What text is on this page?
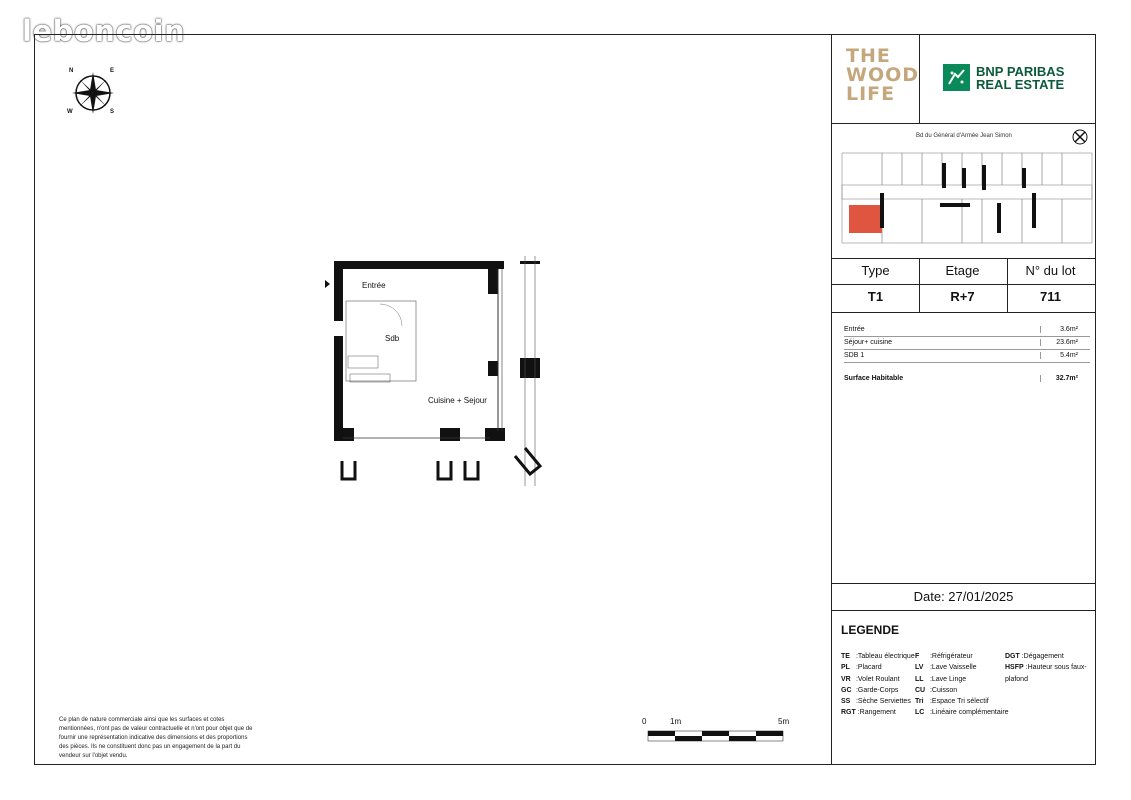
leboncoin
N	E
S
W
Entrée
Sdb
Cuisine + Sejour
0	1m	5m
Ce plan de nature commerciale ainsi que les surfaces et cotes mentionnées, n'ont pas de valeur contractuelle et n'ont pour objet que de fournir une représentation indicative des dimensions et des proportions des pièces. Ils ne constituent donc pas un engagement de la part du vendeur sur l'objet vendu.
THE WOOD LIFE
BNP PARIBAS
REAL ESTATE
Bd du Général d'Armée Jean Simon
Type	Etage	N° du lot
T1	R+7	711
Entrée	3.6m²
Séjour+ cuisine	23.6m²
SDB 1	5.4m²
Surface Habitable	32.7m²
Date: 27/01/2025
LEGENDE
TE :Tableau électrique
PL :Placard
VR :Volet Roulant
GC :Garde-Corps
SS :Sèche Serviettes
RGT :Rangement
F :Réfrigérateur
LV :Lave Vaisselle
LL :Lave Linge
CU :Cuisson
Tri :Espace Tri sélectif
LC :Linéaire complémentaire
DGT :Dégagement
HSFP :Hauteur sous faux-plafond
